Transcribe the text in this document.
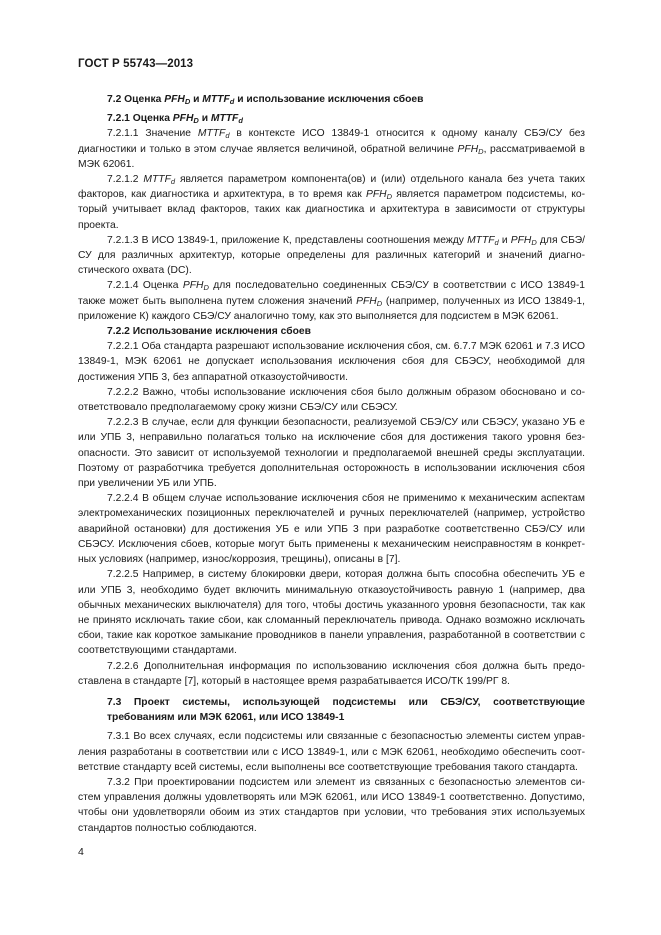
ГОСТ Р 55743—2013

7.2 Оценка $PFH_D$ и $MTTF_d$ и использование исключения сбоев

7.2.1 Оценка $PFH_D$ и $MTTF_d$

7.2.1.1 Значение $MTTF_d$ в контексте ИСО 13849-1 относится к одному каналу СБЭ/СУ без диагностики и только в этом случае является величиной, обратной величине $PFH_D$, рассматриваемой в МЭК 62061.

7.2.1.2 $MTTF_d$ является параметром компонента(ов) и (или) отдельного канала без учета таких факторов, как диагностика и архитектура, в то время как $PFH_D$ является параметром подсистемы, который учитывает вклад факторов, таких как диагностика и архитектура в зависимости от структуры проекта.

7.2.1.3 В ИСО 13849-1, приложение К, представлены соотношения между $MTTF_d$ и $PFH_D$ для СБЭ/СУ для различных архитектур, которые определены для различных категорий и значений диагностического охвата (DC).

7.2.1.4 Оценка $PFH_D$ для последовательно соединенных СБЭ/СУ в соответствии с ИСО 13849-1 также может быть выполнена путем сложения значений $PFH_D$ (например, полученных из ИСО 13849-1, приложение К) каждого СБЭ/СУ аналогично тому, как это выполняется для подсистем в МЭК 62061.

7.2.2 Использование исключения сбоев

7.2.2.1 Оба стандарта разрешают использование исключения сбоя, см. 6.7.7 МЭК 62061 и 7.3 ИСО 13849-1, МЭК 62061 не допускает использования исключения сбоя для СБЭСУ, необходимой для достижения УПБ 3, без аппаратной отказоустойчивости.

7.2.2.2 Важно, чтобы использование исключения сбоя было должным образом обосновано и соответствовало предполагаемому сроку жизни СБЭ/СУ или СБЭСУ.

7.2.2.3 В случае, если для функции безопасности, реализуемой СБЭ/СУ или СБЭСУ, указано УБ e или УПБ 3, неправильно полагаться только на исключение сбоя для достижения такого уровня безопасности. Это зависит от используемой технологии и предполагаемой внешней среды эксплуатации. Поэтому от разработчика требуется дополнительная осторожность в использовании исключения сбоя при увеличении УБ или УПБ.

7.2.2.4 В общем случае использование исключения сбоя не применимо к механическим аспектам электромеханических позиционных переключателей и ручных переключателей (например, устройство аварийной остановки) для достижения УБ e или УПБ 3 при разработке соответственно СБЭ/СУ или СБЭСУ. Исключения сбоев, которые могут быть применены к механическим неисправностям в конкретных условиях (например, износ/коррозия, трещины), описаны в [7].

7.2.2.5 Например, в систему блокировки двери, которая должна быть способна обеспечить УБ e или УПБ 3, необходимо будет включить минимальную отказоустойчивость равную 1 (например, два обычных механических выключателя) для того, чтобы достичь указанного уровня безопасности, так как не принято исключать такие сбои, как сломанный переключатель привода. Однако возможно исключать сбои, такие как короткое замыкание проводников в панели управления, разработанной в соответствии с соответствующими стандартами.

7.2.2.6 Дополнительная информация по использованию исключения сбоя должна быть предоставлена в стандарте [7], который в настоящее время разрабатывается ИСО/ТК 199/РГ 8.

7.3 Проект системы, использующей подсистемы или СБЭ/СУ, соответствующие требованиям или МЭК 62061, или ИСО 13849-1

7.3.1 Во всех случаях, если подсистемы или связанные с безопасностью элементы систем управления разработаны в соответствии или с ИСО 13849-1, или с МЭК 62061, необходимо обеспечить соответствие стандарту всей системы, если выполнены все соответствующие требования такого стандарта.

7.3.2 При проектировании подсистем или элемент из связанных с безопасностью элементов систем управления должны удовлетворять или МЭК 62061, или ИСО 13849-1 соответственно. Допустимо, чтобы они удовлетворяли обоим из этих стандартов при условии, что требования этих используемых стандартов полностью соблюдаются.

4
